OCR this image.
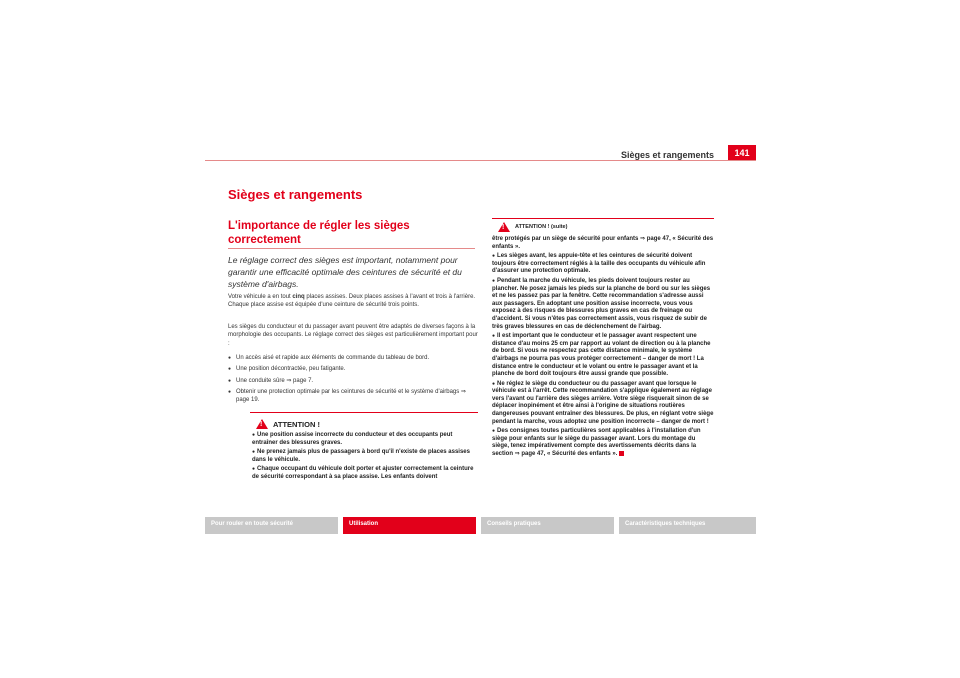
Sièges et rangements	141
Sièges et rangements
L'importance de régler les sièges correctement
Le réglage correct des sièges est important, notamment pour garantir une efficacité optimale des ceintures de sécurité et du système d'airbags.
Votre véhicule a en tout cinq places assises. Deux places assises à l'avant et trois à l'arrière. Chaque place assise est équipée d'une ceinture de sécurité trois points.
Les sièges du conducteur et du passager avant peuvent être adaptés de diverses façons à la morphologie des occupants. Le réglage correct des sièges est particulièrement important pour :
● Un accès aisé et rapide aux éléments de commande du tableau de bord.
● Une position décontractée, peu fatigante.
● Une conduite sûre ⇒ page 7.
● Obtenir une protection optimale par les ceintures de sécurité et le système d'airbags ⇒ page 19.
! ATTENTION !
● Une position assise incorrecte du conducteur et des occupants peut entraîner des blessures graves.
● Ne prenez jamais plus de passagers à bord qu'il n'existe de places assises dans le véhicule.
● Chaque occupant du véhicule doit porter et ajuster correctement la ceinture de sécurité correspondant à sa place assise. Les enfants doivent
! ATTENTION ! (suite)
être protégés par un siège de sécurité pour enfants ⇒ page 47, « Sécurité des enfants ».
● Les sièges avant, les appuie-tête et les ceintures de sécurité doivent toujours être correctement réglés à la taille des occupants du véhicule afin d'assurer une protection optimale.
● Pendant la marche du véhicule, les pieds doivent toujours rester au plancher. Ne posez jamais les pieds sur la planche de bord ou sur les sièges et ne les passez pas par la fenêtre. Cette recommandation s'adresse aussi aux passagers. En adoptant une position assise incorrecte, vous vous exposez à des risques de blessures plus graves en cas de freinage ou d'accident. Si vous n'êtes pas correctement assis, vous risquez de subir de très graves blessures en cas de déclenchement de l'airbag.
● Il est important que le conducteur et le passager avant respectent une distance d'au moins 25 cm par rapport au volant de direction ou à la planche de bord. Si vous ne respectez pas cette distance minimale, le système d'airbags ne pourra pas vous protéger correctement – danger de mort ! La distance entre le conducteur et le volant ou entre le passager avant et la planche de bord doit toujours être aussi grande que possible.
● Ne réglez le siège du conducteur ou du passager avant que lorsque le véhicule est à l'arrêt. Cette recommandation s'applique également au réglage vers l'avant ou l'arrière des sièges arrière. Votre siège risquerait sinon de se déplacer inopinément et être ainsi à l'origine de situations routières dangereuses pouvant entraîner des blessures. De plus, en réglant votre siège pendant la marche, vous adoptez une position incorrecte – danger de mort !
● Des consignes toutes particulières sont applicables à l'installation d'un siège pour enfants sur le siège du passager avant. Lors du montage du siège, tenez impérativement compte des avertissements décrits dans la section ⇒ page 47, « Sécurité des enfants ».
Pour rouler en toute sécurité	Utilisation	Conseils pratiques	Caractéristiques techniques
